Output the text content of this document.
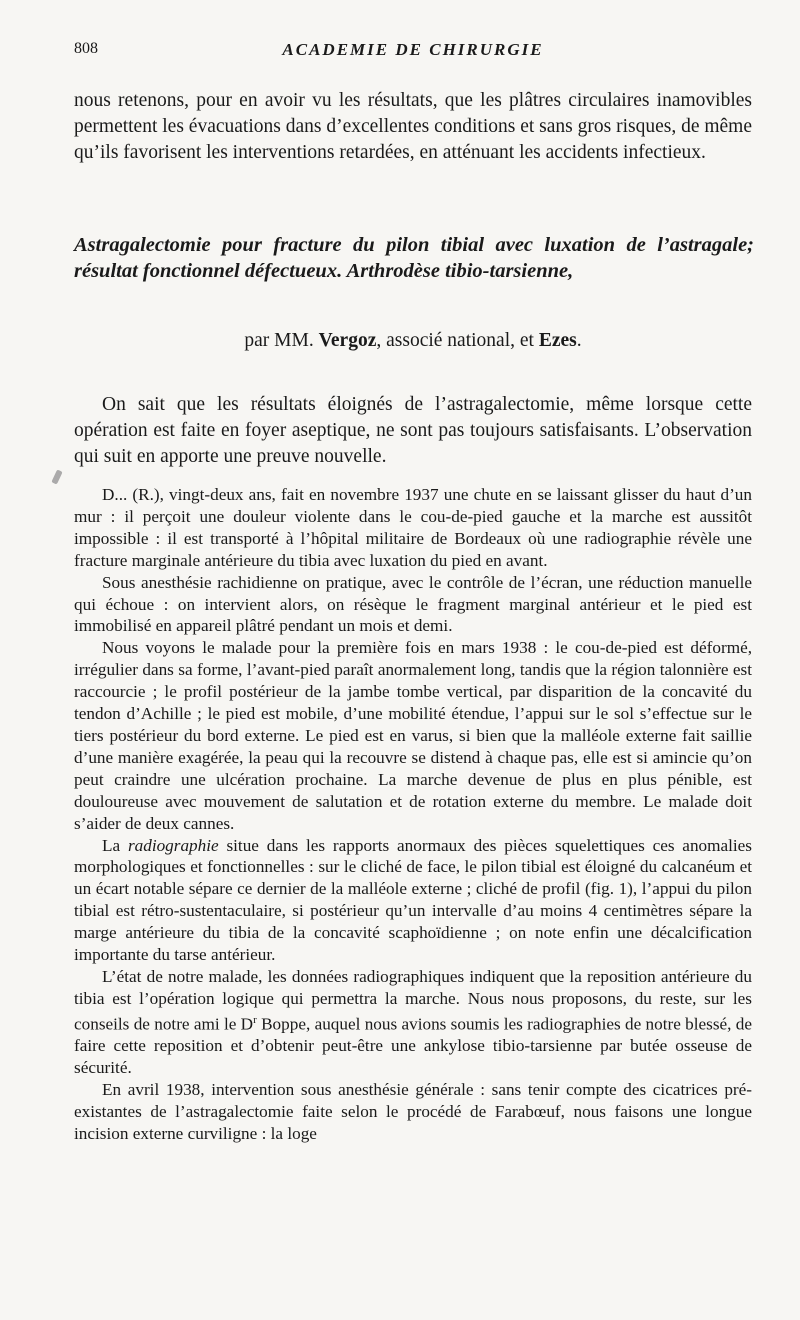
808	ACADEMIE DE CHIRURGIE

nous retenons, pour en avoir vu les résultats, que les plâtres circulaires inamovibles permettent les évacuations dans d’excellentes conditions et sans gros risques, de même qu’ils favorisent les interventions retardées, en atténuant les accidents infectieux.

Astragalectomie pour fracture du pilon tibial avec luxation de l’astragale; résultat fonctionnel défectueux. Arthrodèse tibio-tarsienne,

par MM. Vergoz, associé national, et Ezes.

On sait que les résultats éloignés de l’astragalectomie, même lorsque cette opération est faite en foyer aseptique, ne sont pas toujours satisfaisants. L’observation qui suit en apporte une preuve nouvelle.

D... (R.), vingt-deux ans, fait en novembre 1937 une chute en se laissant glisser du haut d’un mur : il perçoit une douleur violente dans le cou-de-pied gauche et la marche est aussitôt impossible : il est transporté à l’hôpital militaire de Bordeaux où une radiographie révèle une fracture marginale antérieure du tibia avec luxation du pied en avant.

Sous anesthésie rachidienne on pratique, avec le contrôle de l’écran, une réduction manuelle qui échoue : on intervient alors, on résèque le fragment marginal antérieur et le pied est immobilisé en appareil plâtré pendant un mois et demi.

Nous voyons le malade pour la première fois en mars 1938 : le cou-de-pied est déformé, irrégulier dans sa forme, l’avant-pied paraît anormalement long, tandis que la région talonnière est raccourcie ; le profil postérieur de la jambe tombe vertical, par disparition de la concavité du tendon d’Achille ; le pied est mobile, d’une mobilité étendue, l’appui sur le sol s’effectue sur le tiers postérieur du bord externe. Le pied est en varus, si bien que la malléole externe fait saillie d’une manière exagérée, la peau qui la recouvre se distend à chaque pas, elle est si amincie qu’on peut craindre une ulcération prochaine. La marche devenue de plus en plus pénible, est douloureuse avec mouvement de salutation et de rotation externe du membre. Le malade doit s’aider de deux cannes.

La radiographie situe dans les rapports anormaux des pièces squelettiques ces anomalies morphologiques et fonctionnelles : sur le cliché de face, le pilon tibial est éloigné du calcanéum et un écart notable sépare ce dernier de la malléole externe ; cliché de profil (fig. 1), l’appui du pilon tibial est rétro-sustentaculaire, si postérieur qu’un intervalle d’au moins 4 centimètres sépare la marge antérieure du tibia de la concavité scaphoïdienne ; on note enfin une décalcification importante du tarse antérieur.

L’état de notre malade, les données radiographiques indiquent que la reposition antérieure du tibia est l’opération logique qui permettra la marche. Nous nous proposons, du reste, sur les conseils de notre ami le $D^r$ Boppe, auquel nous avions soumis les radiographies de notre blessé, de faire cette reposition et d’obtenir peut-être une ankylose tibio-tarsienne par butée osseuse de sécurité.

En avril 1938, intervention sous anesthésie générale : sans tenir compte des cicatrices pré-existantes de l’astragalectomie faite selon le procédé de Farabœuf, nous faisons une longue incision externe curviligne : la loge
